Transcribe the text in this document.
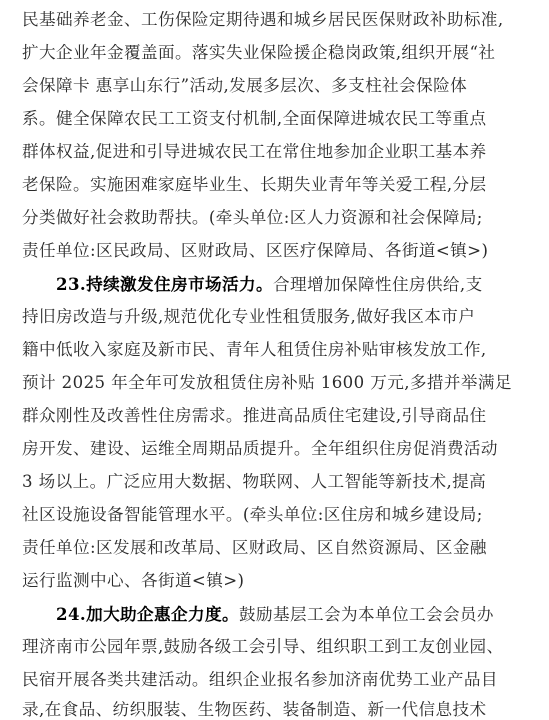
民基础养老金、工伤保险定期待遇和城乡居民医保财政补助标准,
扩大企业年金覆盖面。落实失业保险援企稳岗政策,组织开展“社
会保障卡 惠享山东行”活动,发展多层次、多支柱社会保险体
系。健全保障农民工工资支付机制,全面保障进城农民工等重点
群体权益,促进和引导进城农民工在常住地参加企业职工基本养
老保险。实施困难家庭毕业生、长期失业青年等关爱工程,分层
分类做好社会救助帮扶。(牵头单位:区人力资源和社会保障局;
责任单位:区民政局、区财政局、区医疗保障局、各街道<镇>)
23.持续激发住房市场活力。合理增加保障性住房供给,支
持旧房改造与升级,规范优化专业性租赁服务,做好我区本市户
籍中低收入家庭及新市民、青年人租赁住房补贴审核发放工作,
预计 2025 年全年可发放租赁住房补贴 1600 万元,多措并举满足
群众刚性及改善性住房需求。推进高品质住宅建设,引导商品住
房开发、建设、运维全周期品质提升。全年组织住房促消费活动
3 场以上。广泛应用大数据、物联网、人工智能等新技术,提高
社区设施设备智能管理水平。(牵头单位:区住房和城乡建设局;
责任单位:区发展和改革局、区财政局、区自然资源局、区金融
运行监测中心、各街道<镇>)
24.加大助企惠企力度。鼓励基层工会为本单位工会会员办
理济南市公园年票,鼓励各级工会引导、组织职工到工友创业园、
民宿开展各类共建活动。组织企业报名参加济南优势工业产品目
录,在食品、纺织服装、生物医药、装备制造、新一代信息技术
